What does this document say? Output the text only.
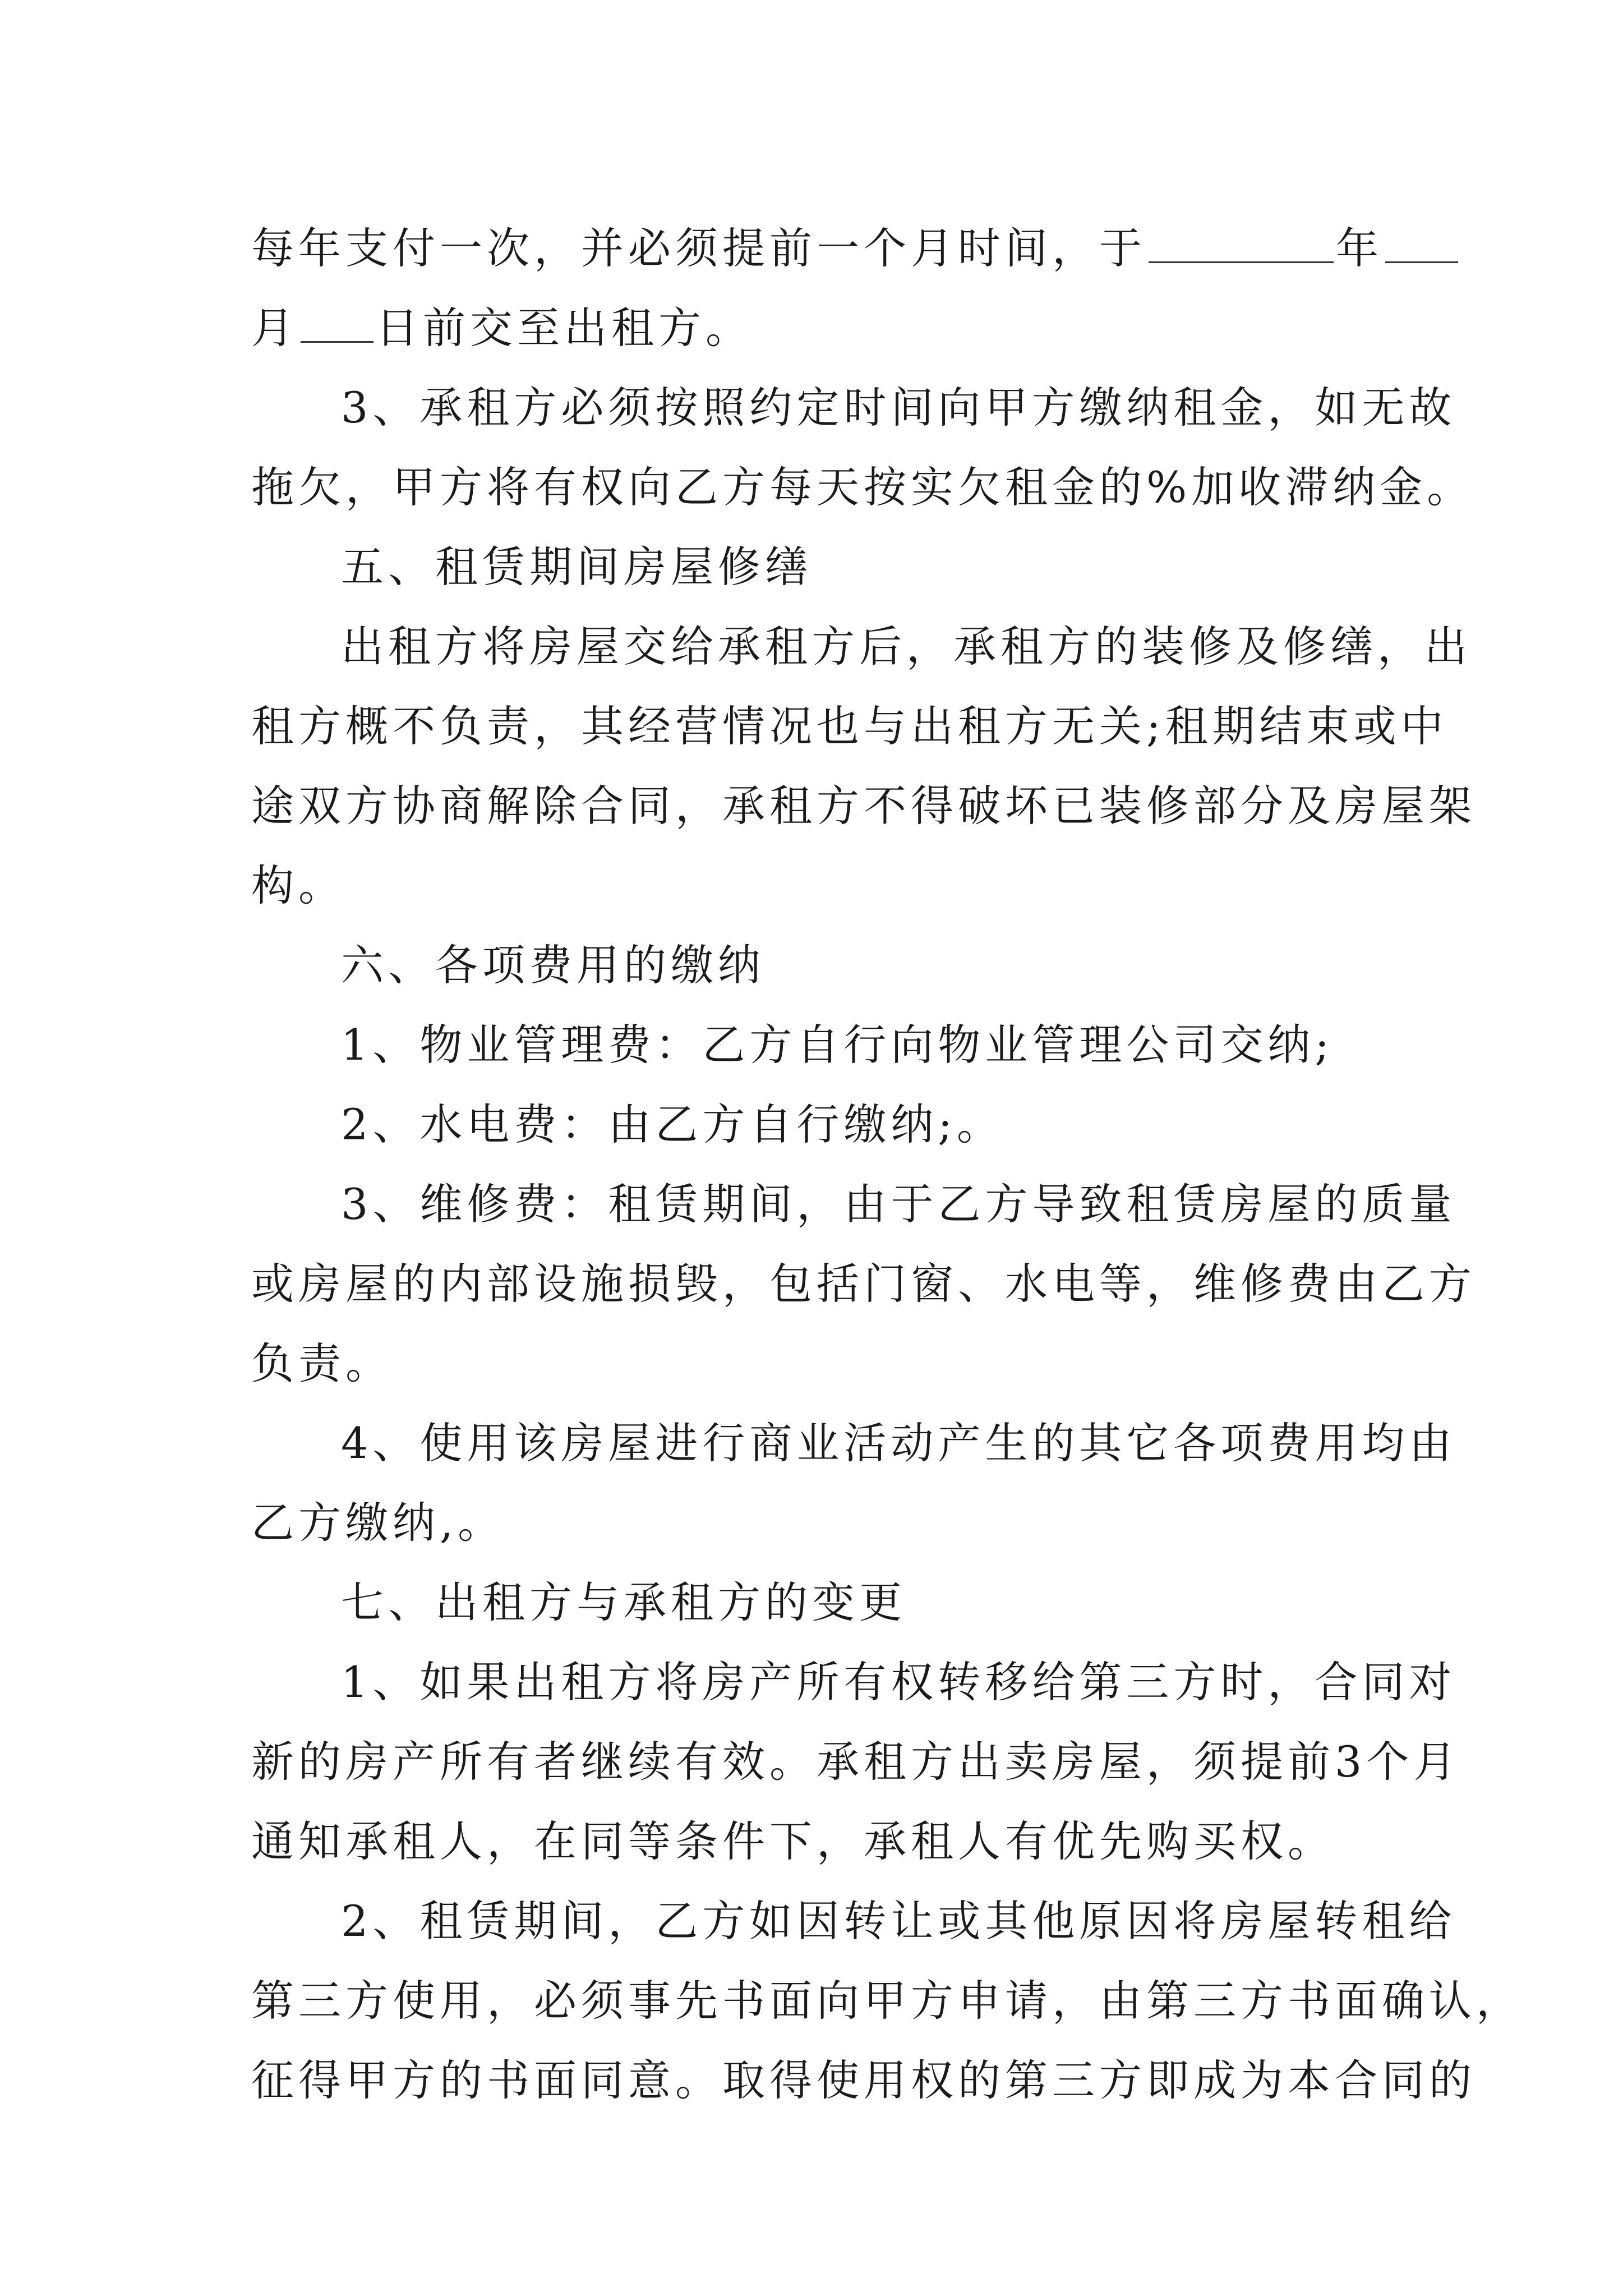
每年支付一次，并必须提前一个月时间，于	年
月 日前交至出租方。
3、承租方必须按照约定时间向甲方缴纳租金，如无故
拖欠，甲方将有权向乙方每天按实欠租金的%加收滞纳金。
五、租赁期间房屋修缮
出租方将房屋交给承租方后，承租方的装修及修缮，出
租方概不负责，其经营情况也与出租方无关;租期结束或中
途双方协商解除合同，承租方不得破坏已装修部分及房屋架
构。
六、各项费用的缴纳
1、物业管理费：乙方自行向物业管理公司交纳;
2、水电费：由乙方自行缴纳;。
3、维修费：租赁期间，由于乙方导致租赁房屋的质量
或房屋的内部设施损毁，包括门窗、水电等，维修费由乙方
负责。
4、使用该房屋进行商业活动产生的其它各项费用均由
乙方缴纳,。
七、出租方与承租方的变更
1、如果出租方将房产所有权转移给第三方时，合同对
新的房产所有者继续有效。承租方出卖房屋，须提前3个月
通知承租人，在同等条件下，承租人有优先购买权。
2、租赁期间，乙方如因转让或其他原因将房屋转租给
第三方使用，必须事先书面向甲方申请，由第三方书面确认，
征得甲方的书面同意。取得使用权的第三方即成为本合同的
